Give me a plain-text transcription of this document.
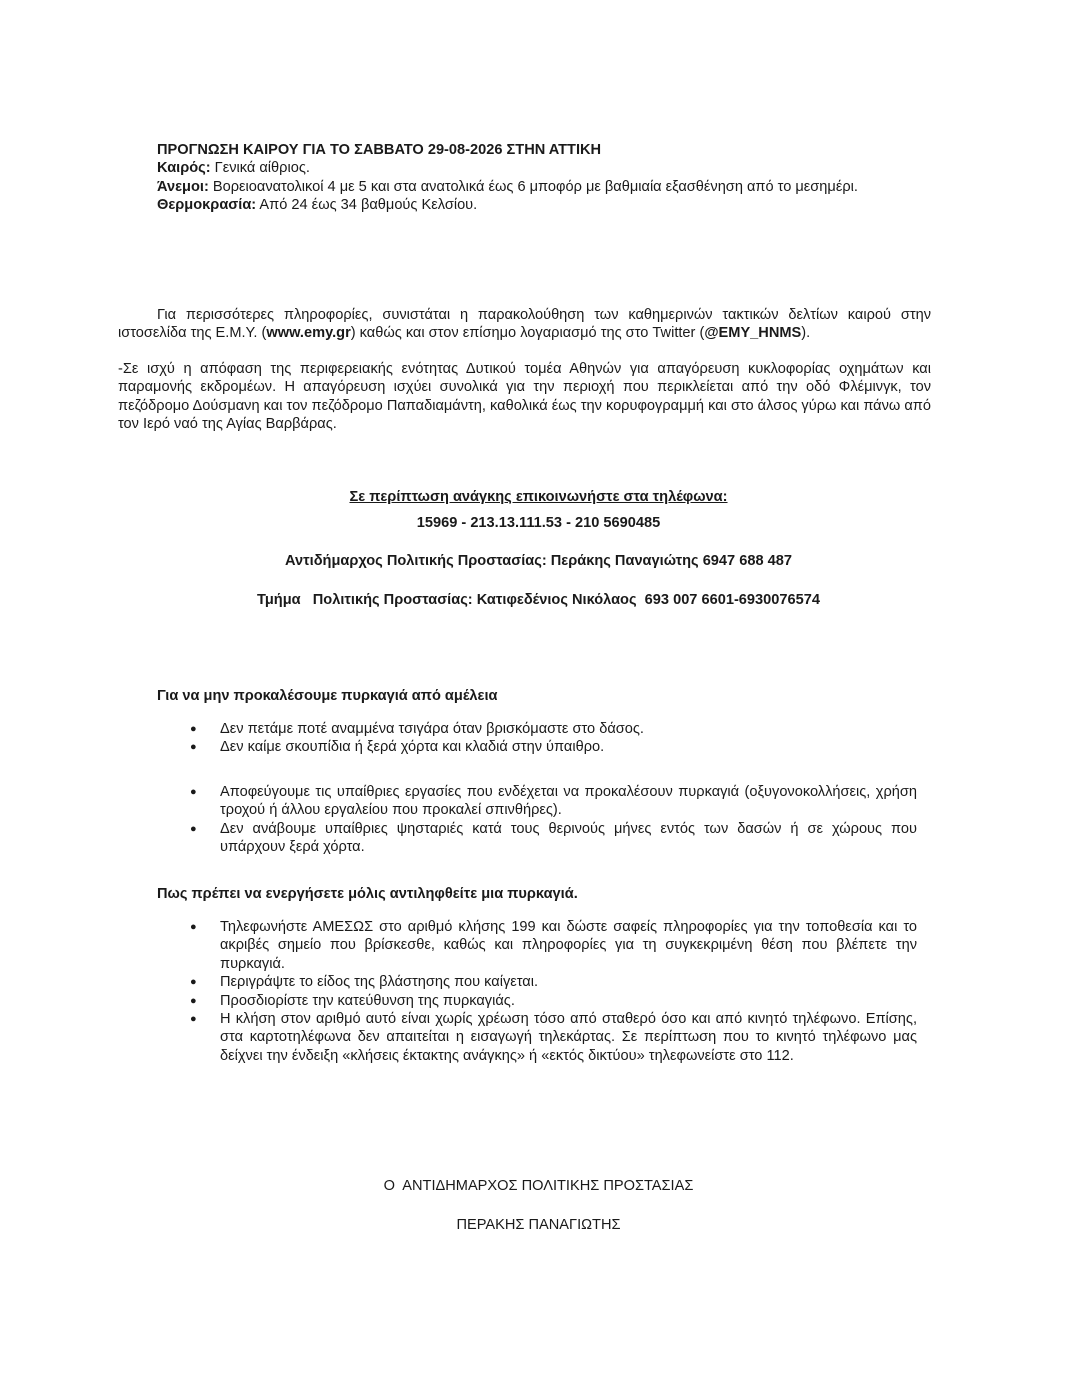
ΠΡΟΓΝΩΣΗ ΚΑΙΡΟΥ ΓΙΑ ΤΟ ΣΑΒΒΑΤΟ 29-08-2026 ΣΤΗΝ ΑΤΤΙΚΗ
Καιρός: Γενικά αίθριος.
Άνεμοι: Βορειοανατολικοί 4 με 5 και στα ανατολικά έως 6 μποφόρ με βαθμιαία εξασθένηση από το μεσημέρι.
Θερμοκρασία: Από 24 έως 34 βαθμούς Κελσίου.
Για περισσότερες πληροφορίες, συνιστάται η παρακολούθηση των καθημερινών τακτικών δελτίων καιρού στην ιστοσελίδα της Ε.Μ.Υ. (www.emy.gr) καθώς και στον επίσημο λογαριασμό της στο Twitter (@EMY_HNMS).
-Σε ισχύ η απόφαση της περιφερειακής ενότητας Δυτικού τομέα Αθηνών για απαγόρευση κυκλοφορίας οχημάτων και παραμονής εκδρομέων. Η απαγόρευση ισχύει συνολικά για την περιοχή που περικλείεται από την οδό Φλέμινγκ, τον πεζόδρομο Δούσμανη και τον πεζόδρομο Παπαδιαμάντη, καθολικά έως την κορυφογραμμή και στο άλσος γύρω και πάνω από τον Ιερό ναό της Αγίας Βαρβάρας.
Σε περίπτωση ανάγκης επικοινωνήστε στα τηλέφωνα:
15969 - 213.13.111.53 - 210 5690485
Αντιδήμαρχος Πολιτικής Προστασίας: Περάκης Παναγιώτης 6947 688 487
Τμήμα   Πολιτικής Προστασίας: Κατιφεδένιος Νικόλαος  693 007 6601-6930076574
Για να μην προκαλέσουμε πυρκαγιά από αμέλεια
● Δεν πετάμε ποτέ αναμμένα τσιγάρα όταν βρισκόμαστε στο δάσος.
● Δεν καίμε σκουπίδια ή ξερά χόρτα και κλαδιά στην ύπαιθρο.
● Αποφεύγουμε τις υπαίθριες εργασίες που ενδέχεται να προκαλέσουν πυρκαγιά (οξυγονοκολλήσεις, χρήση τροχού ή άλλου εργαλείου που προκαλεί σπινθήρες).
● Δεν ανάβουμε υπαίθριες ψησταριές κατά τους θερινούς μήνες εντός των δασών ή σε χώρους που υπάρχουν ξερά χόρτα.
Πως πρέπει να ενεργήσετε μόλις αντιληφθείτε μια πυρκαγιά.
● Τηλεφωνήστε ΑΜΕΣΩΣ στο αριθμό κλήσης 199 και δώστε σαφείς πληροφορίες για την τοποθεσία και το ακριβές σημείο που βρίσκεσθε, καθώς και πληροφορίες για τη συγκεκριμένη θέση που βλέπετε την πυρκαγιά.
● Περιγράψτε το είδος της βλάστησης που καίγεται.
● Προσδιορίστε την κατεύθυνση της πυρκαγιάς.
● Η κλήση στον αριθμό αυτό είναι χωρίς χρέωση τόσο από σταθερό όσο και από κινητό τηλέφωνο. Επίσης, στα καρτοτηλέφωνα δεν απαιτείται η εισαγωγή τηλεκάρτας. Σε περίπτωση που το κινητό τηλέφωνο μας δείχνει την ένδειξη «κλήσεις έκτακτης ανάγκης» ή «εκτός δικτύου» τηλεφωνείστε στο 112.
Ο  ΑΝΤΙΔΗΜΑΡΧΟΣ ΠΟΛΙΤΙΚΗΣ ΠΡΟΣΤΑΣΙΑΣ
ΠΕΡΑΚΗΣ ΠΑΝΑΓΙΩΤΗΣ
